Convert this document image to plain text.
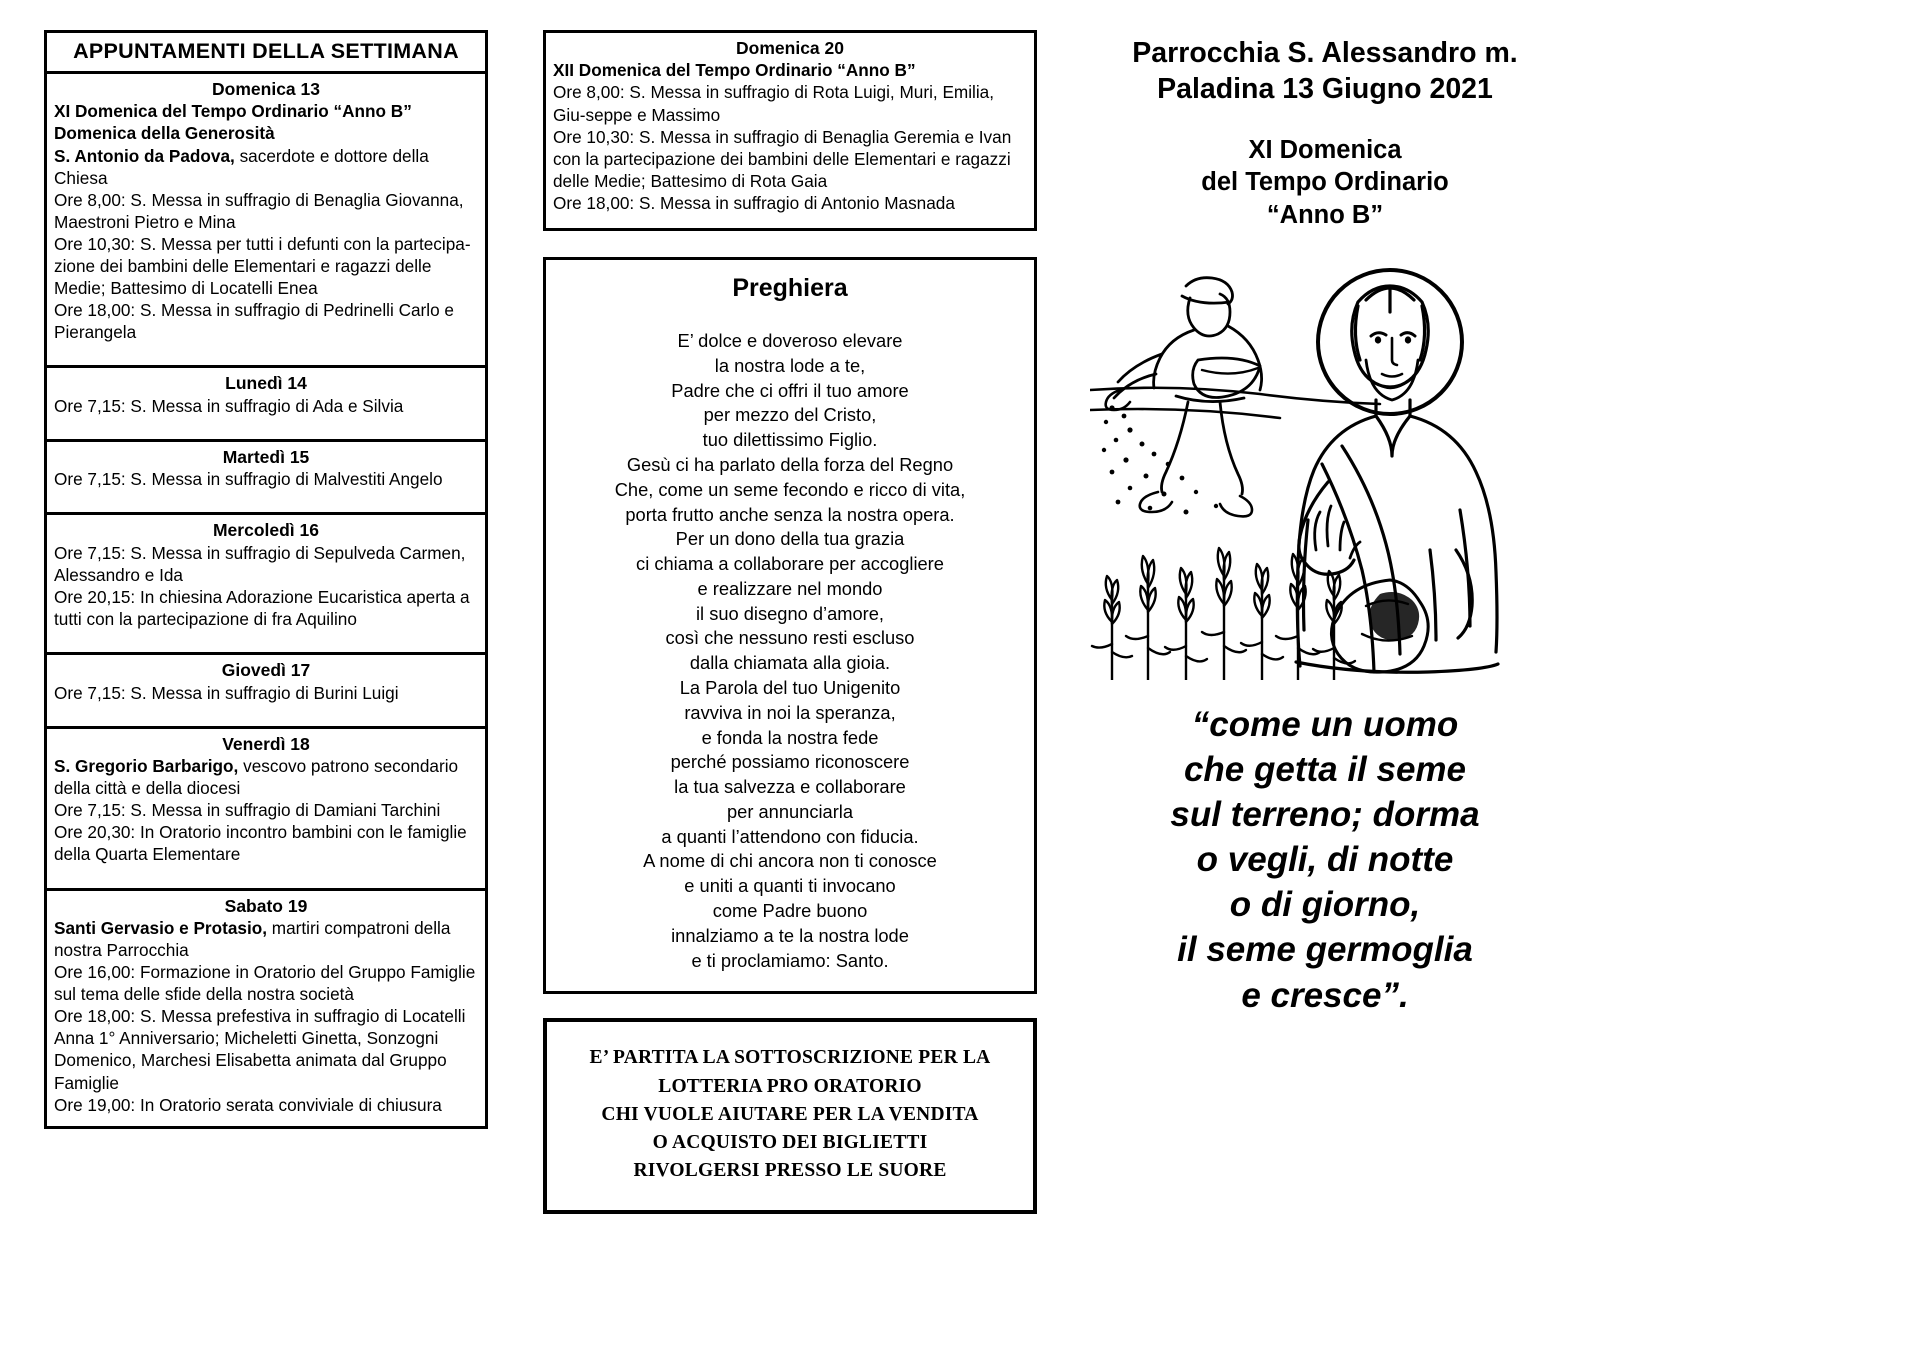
APPUNTAMENTI DELLA SETTIMANA
Domenica 13
XI Domenica del Tempo Ordinario “Anno B”
Domenica della Generosità
S. Antonio da Padova, sacerdote e dottore della Chiesa
Ore 8,00: S. Messa in suffragio di Benaglia Giovanna, Maestroni Pietro e Mina
Ore 10,30: S. Messa per tutti i defunti con la partecipa-zione dei bambini delle Elementari e ragazzi delle Medie; Battesimo di Locatelli Enea
Ore 18,00: S. Messa in suffragio di Pedrinelli Carlo e Pierangela
Lunedì 14
Ore 7,15: S. Messa in suffragio di Ada e Silvia
Martedì 15
Ore 7,15: S. Messa in suffragio di Malvestiti Angelo
Mercoledì 16
Ore 7,15: S. Messa in suffragio di Sepulveda Carmen, Alessandro e Ida
Ore 20,15: In chiesina Adorazione Eucaristica aperta a tutti con la partecipazione di fra Aquilino
Giovedì 17
Ore 7,15: S. Messa in suffragio di Burini Luigi
Venerdì 18
S. Gregorio Barbarigo, vescovo patrono secondario della città e della diocesi
Ore 7,15: S. Messa in suffragio di Damiani Tarchini
Ore 20,30: In Oratorio incontro bambini con le famiglie della Quarta Elementare
Sabato 19
Santi Gervasio e Protasio, martiri compatroni della nostra Parrocchia
Ore 16,00: Formazione in Oratorio del Gruppo Famiglie sul tema delle sfide della nostra società
Ore 18,00: S. Messa prefestiva in suffragio di Locatelli Anna 1° Anniversario; Micheletti Ginetta, Sonzogni Domenico, Marchesi Elisabetta animata dal Gruppo Famiglie
Ore 19,00: In Oratorio serata conviviale di chiusura
Domenica 20
XII Domenica del Tempo Ordinario “Anno B”
Ore 8,00: S. Messa in suffragio di Rota Luigi, Muri, Emilia, Giu-seppe e Massimo
Ore 10,30: S. Messa in suffragio di Benaglia Geremia e Ivan con la partecipazione dei bambini delle Elementari e ragazzi delle Medie; Battesimo di Rota Gaia
Ore 18,00: S. Messa in suffragio di Antonio Masnada
Preghiera
E’ dolce e doveroso elevare
la nostra lode a te,
Padre che ci offri il tuo amore
per mezzo del Cristo,
tuo dilettissimo Figlio.
Gesù ci ha parlato della forza del Regno
Che, come un seme fecondo e ricco di vita,
porta frutto anche senza la nostra opera.
Per un dono della tua grazia
ci chiama a collaborare per accogliere
e realizzare nel mondo
il suo disegno d’amore,
così che nessuno resti escluso
dalla chiamata alla gioia.
La Parola del tuo Unigenito
ravviva in noi la speranza,
e fonda la nostra fede
perché possiamo riconoscere
la tua salvezza e collaborare
per annunciarla
a quanti l’attendono con fiducia.
A nome di chi ancora non ti conosce
e uniti a quanti ti invocano
come Padre buono
innalziamo a te la nostra lode
e ti proclamiamo: Santo.
E’ PARTITA LA SOTTOSCRIZIONE PER LA
LOTTERIA PRO ORATORIO
CHI VUOLE AIUTARE PER LA VENDITA
O ACQUISTO DEI BIGLIETTI
RIVOLGERSI PRESSO LE SUORE
Parrocchia S. Alessandro m.
Paladina 13 Giugno 2021
XI Domenica
del Tempo Ordinario
“Anno B”
“come un uomo
che getta il seme
sul terreno; dorma
o vegli, di notte
o di giorno,
il seme germoglia
e cresce”.
